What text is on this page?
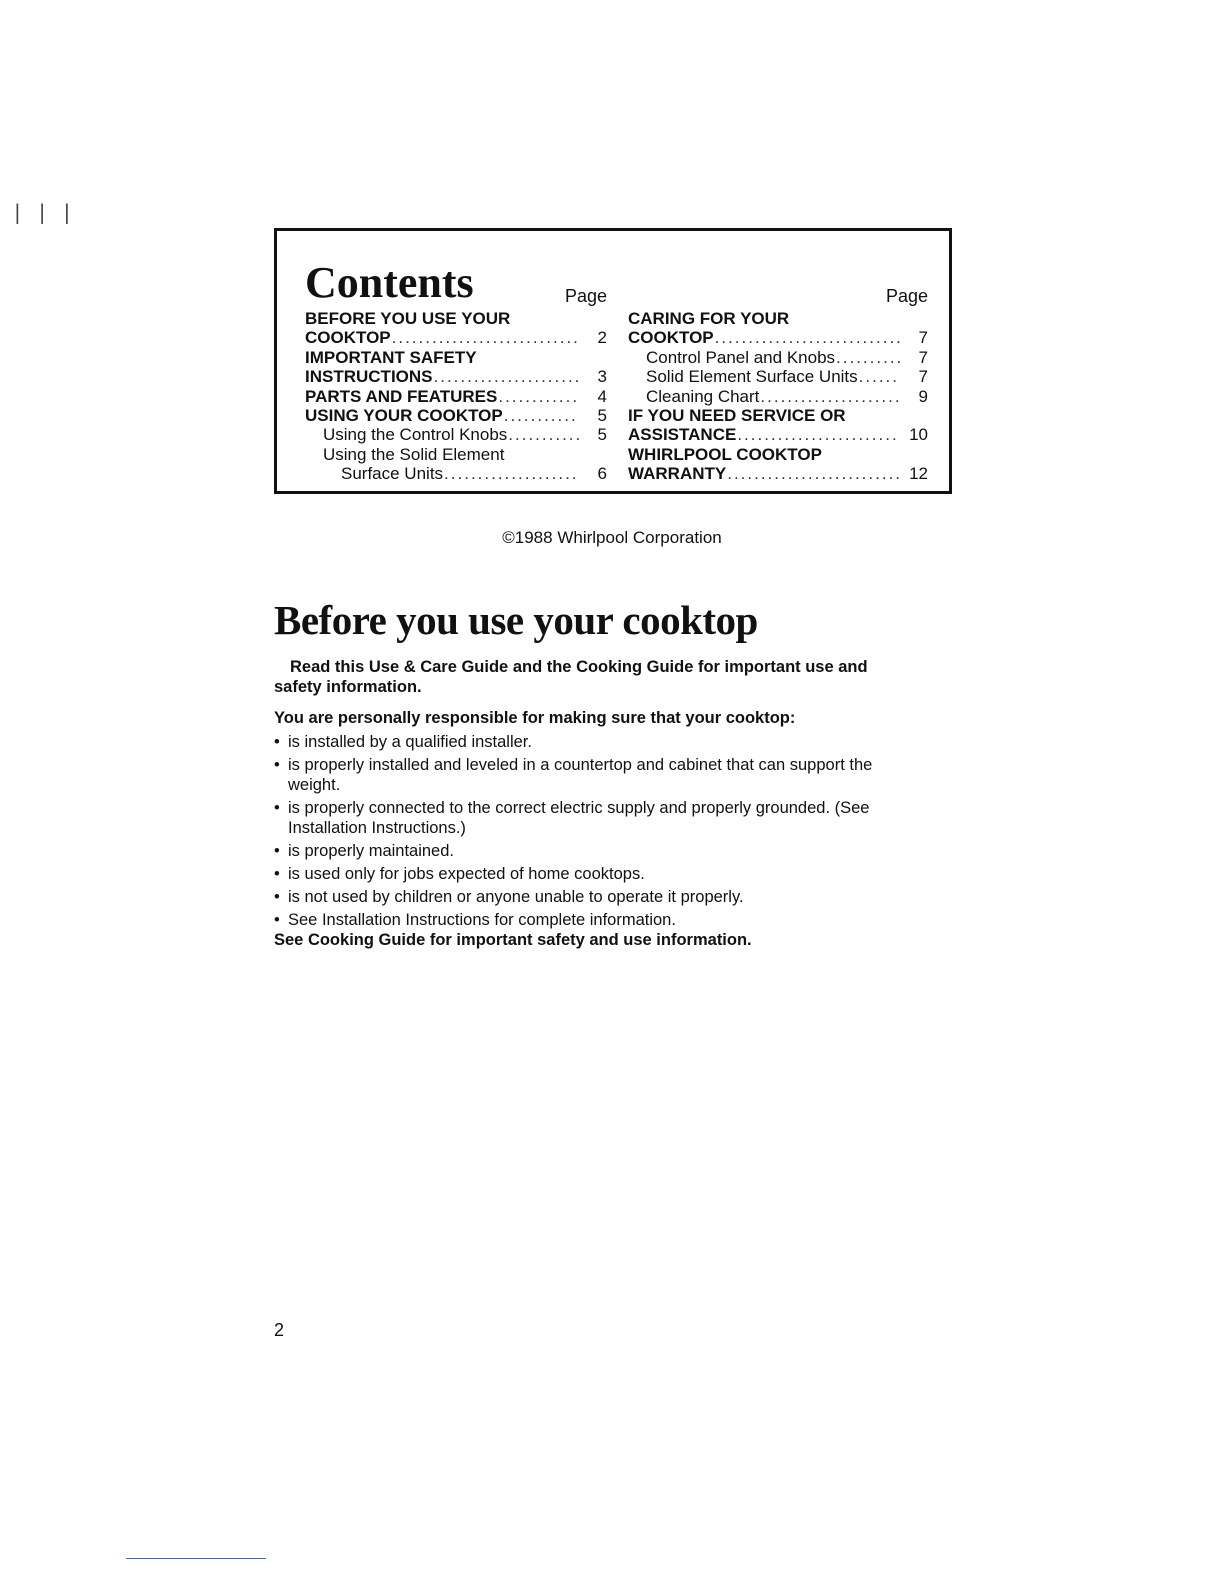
|||
Contents	Page
BEFORE YOU USE YOUR
COOKTOP .....	2
IMPORTANT SAFETY
INSTRUCTIONS .....	3
PARTS AND FEATURES .....	4
USING YOUR COOKTOP .....	5
Using the Control Knobs .....	5
Using the Solid Element
Surface Units .....	6
Page
CARING FOR YOUR
COOKTOP .....	7
Control Panel and Knobs .....	7
Solid Element Surface Units .....	7
Cleaning Chart .....	9
IF YOU NEED SERVICE OR
ASSISTANCE .....	10
WHIRLPOOL COOKTOP
WARRANTY .....	12
©1988 Whirlpool Corporation
Before you use your cooktop
Read this Use & Care Guide and the Cooking Guide for important use and safety information.
You are personally responsible for making sure that your cooktop:
• is installed by a qualified installer.
• is properly installed and leveled in a countertop and cabinet that can support the weight.
• is properly connected to the correct electric supply and properly grounded. (See Installation Instructions.)
• is properly maintained.
• is used only for jobs expected of home cooktops.
• is not used by children or anyone unable to operate it properly.
• See Installation Instructions for complete information.
See Cooking Guide for important safety and use information.
2
